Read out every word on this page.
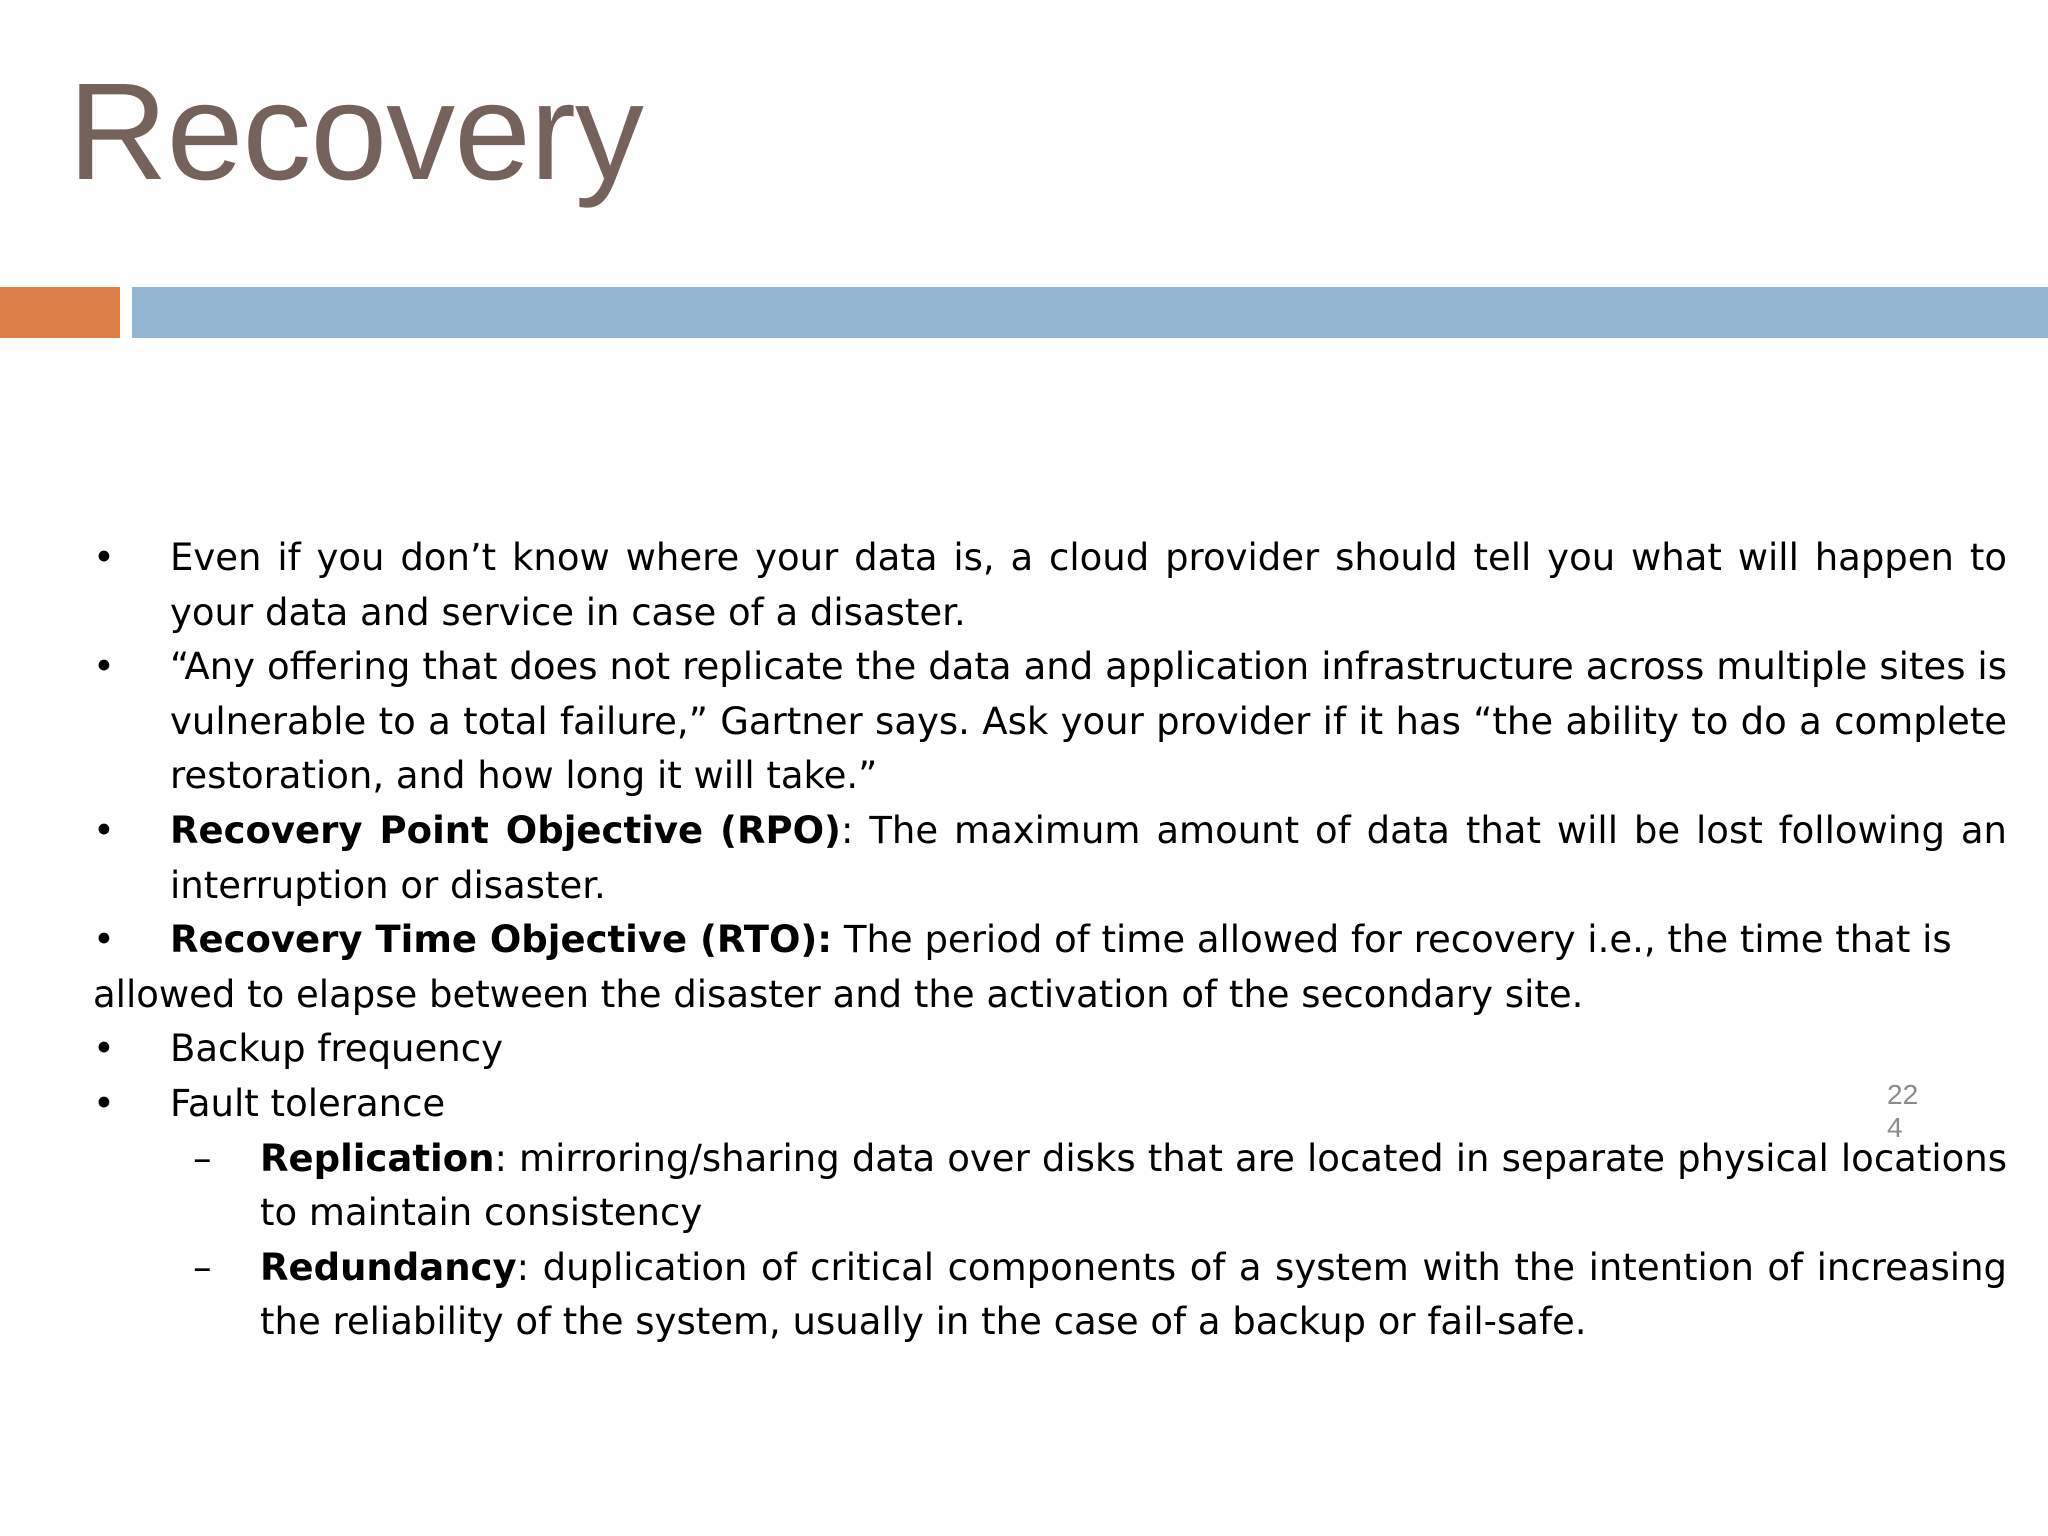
Recovery

•	Even if you don’t know where your data is, a cloud provider should tell you what will happen to your data and service in case of a disaster.

•	“Any offering that does not replicate the data and application infrastructure across multiple sites is vulnerable to a total failure,” Gartner says. Ask your provider if it has “the ability to do a complete restoration, and how long it will take.”

•	Recovery Point Objective (RPO): The maximum amount of data that will be lost following an interruption or disaster.

• Recovery Time Objective (RTO): The period of time allowed for recovery i.e., the time that is allowed to elapse between the disaster and the activation of the secondary site.

•	Backup frequency

•	Fault tolerance

–	Replication: mirroring/sharing data over disks that are located in separate physical locations to maintain consistency

–	Redundancy: duplication of critical components of a system with the intention of increasing the reliability of the system, usually in the case of a backup or fail-safe.

224
